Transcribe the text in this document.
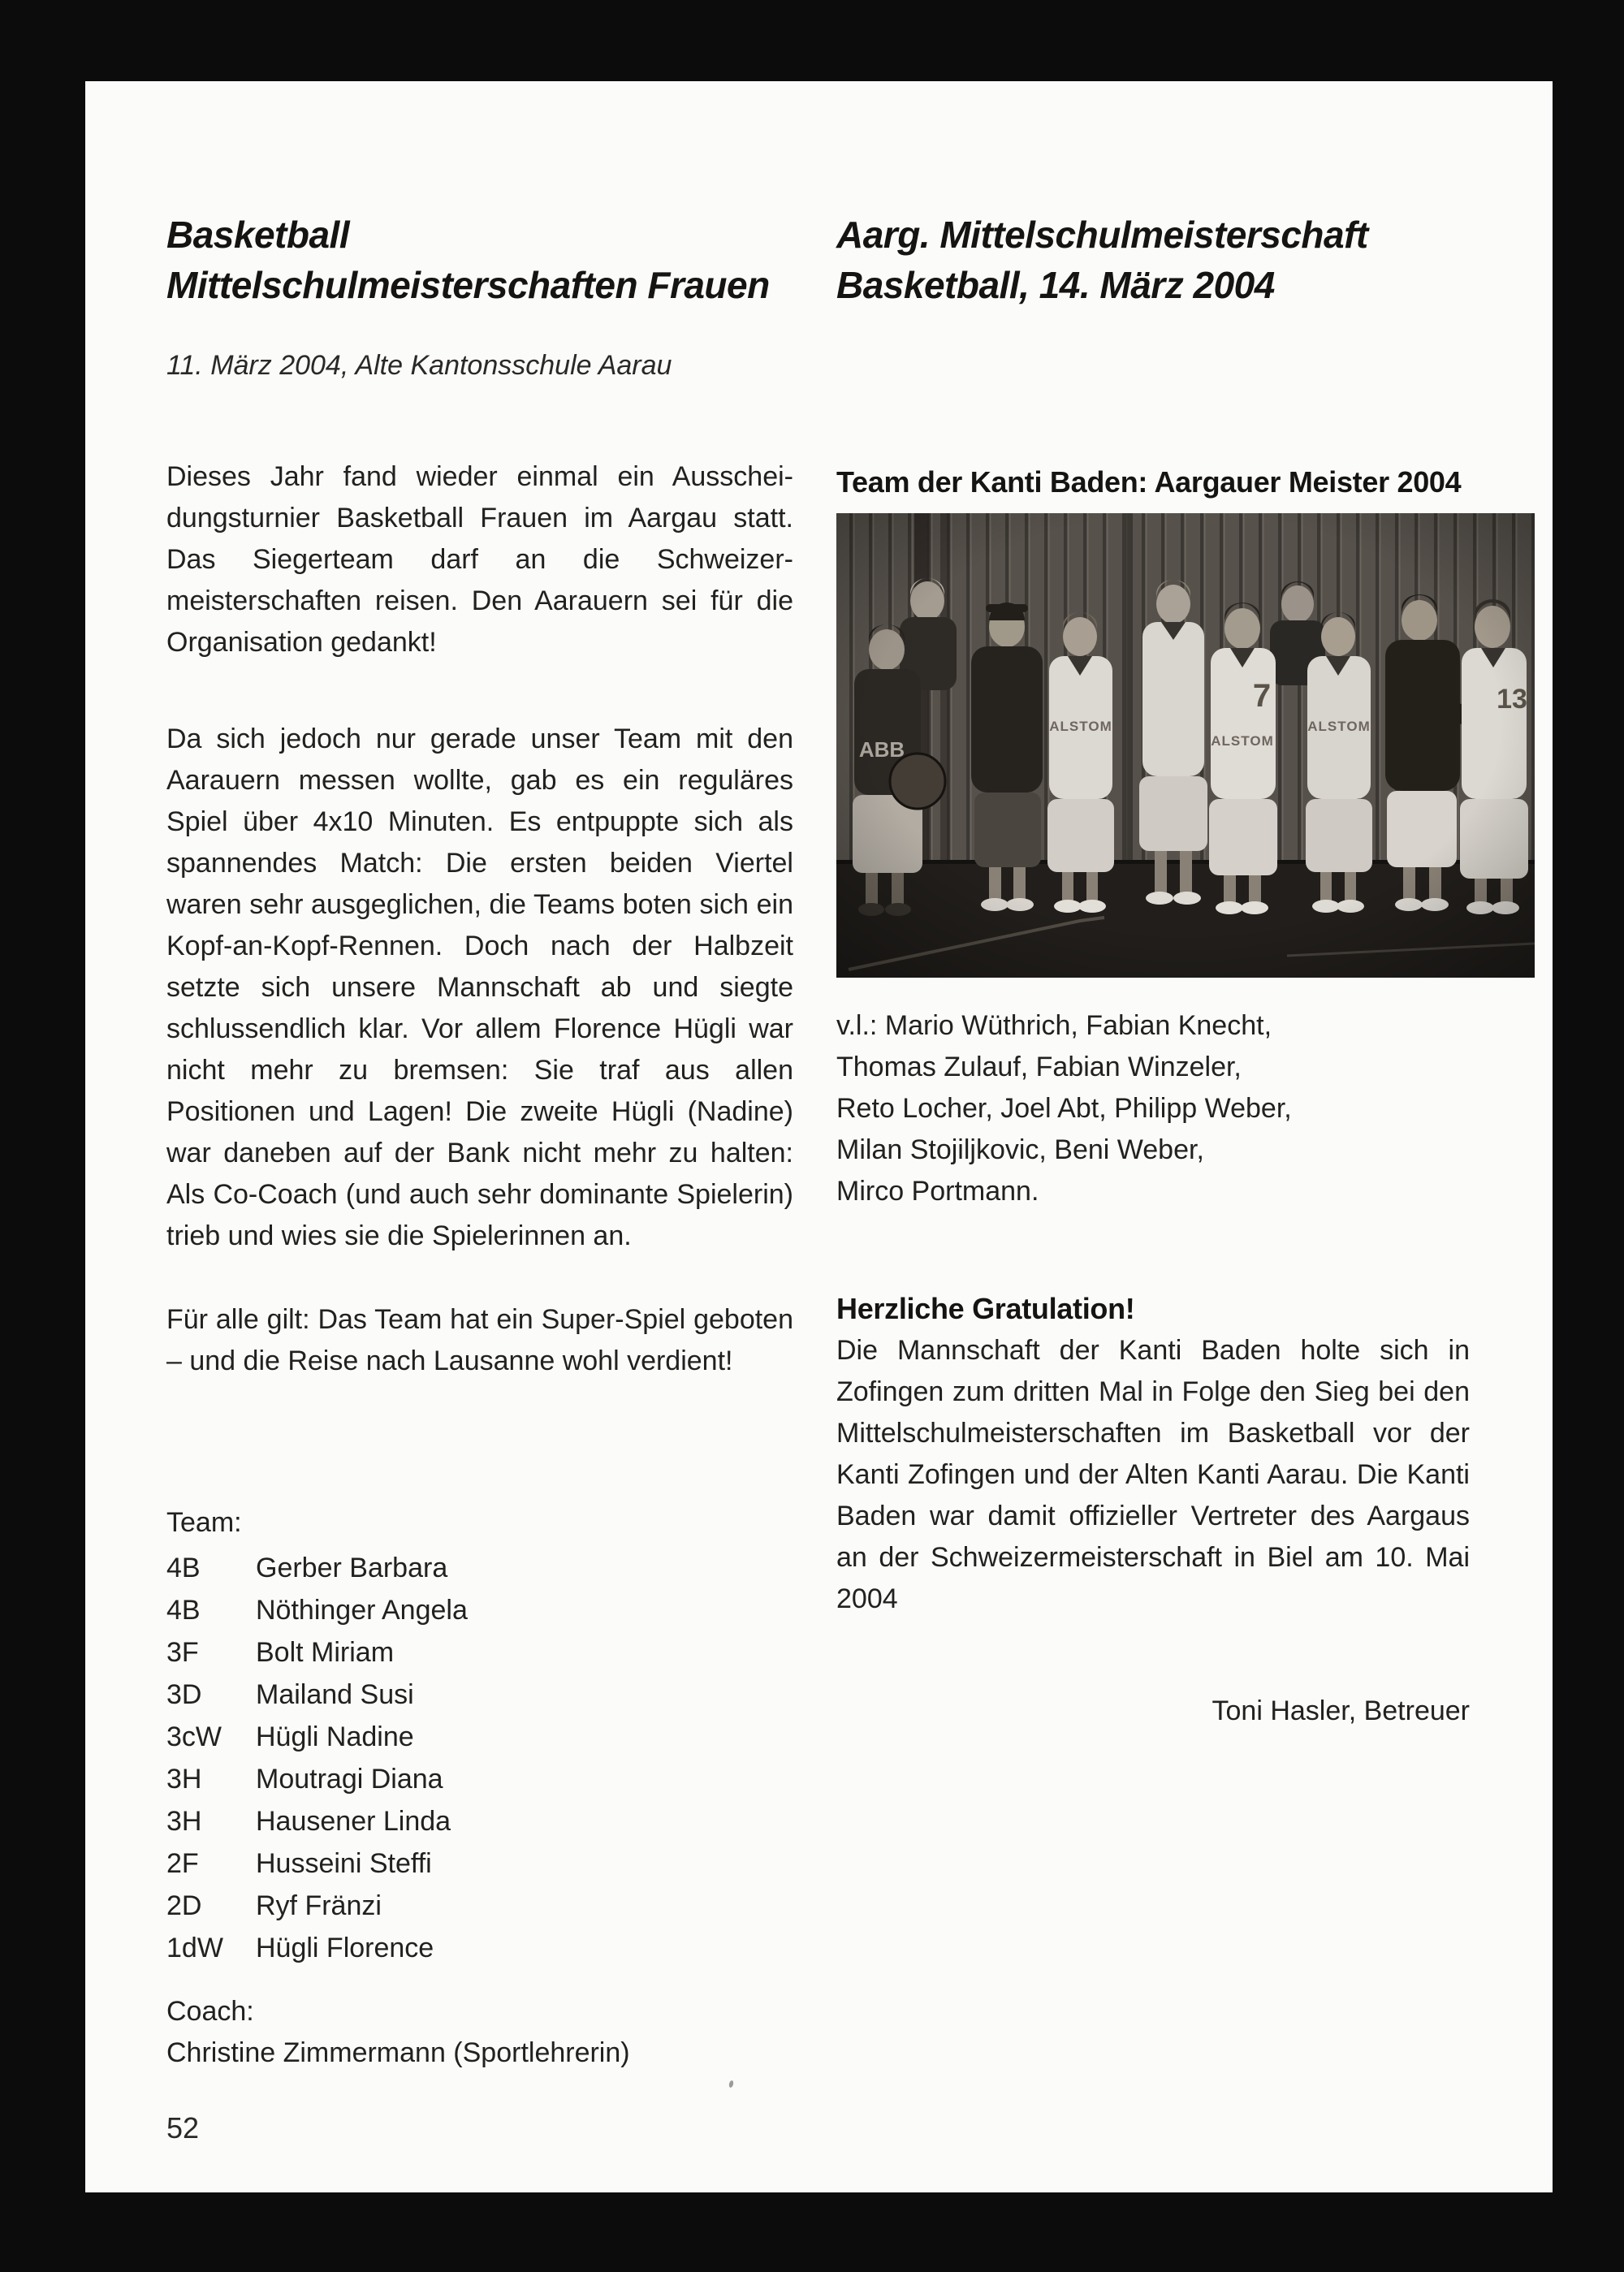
Basketball
Mittelschulmeisterschaften Frauen
11. März 2004, Alte Kantonsschule Aarau
Dieses Jahr fand wieder einmal ein Ausscheidungsturnier Basketball Frauen im Aargau statt. Das Siegerteam darf an die Schweizermeisterschaften reisen. Den Aarauern sei für die Organisation gedankt!
Da sich jedoch nur gerade unser Team mit den Aarauern messen wollte, gab es ein reguläres Spiel über 4x10 Minuten. Es entpuppte sich als spannendes Match: Die ersten beiden Viertel waren sehr ausgeglichen, die Teams boten sich ein Kopf-an-Kopf-Rennen. Doch nach der Halbzeit setzte sich unsere Mannschaft ab und siegte schlussendlich klar. Vor allem Florence Hügli war nicht mehr zu bremsen: Sie traf aus allen Positionen und Lagen! Die zweite Hügli (Nadine) war daneben auf der Bank nicht mehr zu halten: Als Co-Coach (und auch sehr dominante Spielerin) trieb und wies sie die Spielerinnen an.
Für alle gilt: Das Team hat ein Super-Spiel geboten – und die Reise nach Lausanne wohl verdient!
Team:
4B	Gerber Barbara
4B	Nöthinger Angela
3F	Bolt Miriam
3D	Mailand Susi
3cW	Hügli Nadine
3H	Moutragi Diana
3H	Hausener Linda
2F	Husseini Steffi
2D	Ryf Fränzi
1dW	Hügli Florence
Coach:
Christine Zimmermann (Sportlehrerin)
52
Aarg. Mittelschulmeisterschaft
Basketball, 14. März 2004
Team der Kanti Baden: Aargauer Meister 2004
v.l.: Mario Wüthrich, Fabian Knecht,
Thomas Zulauf, Fabian Winzeler,
Reto Locher, Joel Abt, Philipp Weber,
Milan Stojiljkovic, Beni Weber,
Mirco Portmann.
Herzliche Gratulation!
Die Mannschaft der Kanti Baden holte sich in Zofingen zum dritten Mal in Folge den Sieg bei den Mittelschulmeisterschaften im Basketball vor der Kanti Zofingen und der Alten Kanti Aarau. Die Kanti Baden war damit offizieller Vertreter des Aargaus an der Schweizermeisterschaft in Biel am 10. Mai 2004
Toni Hasler, Betreuer
